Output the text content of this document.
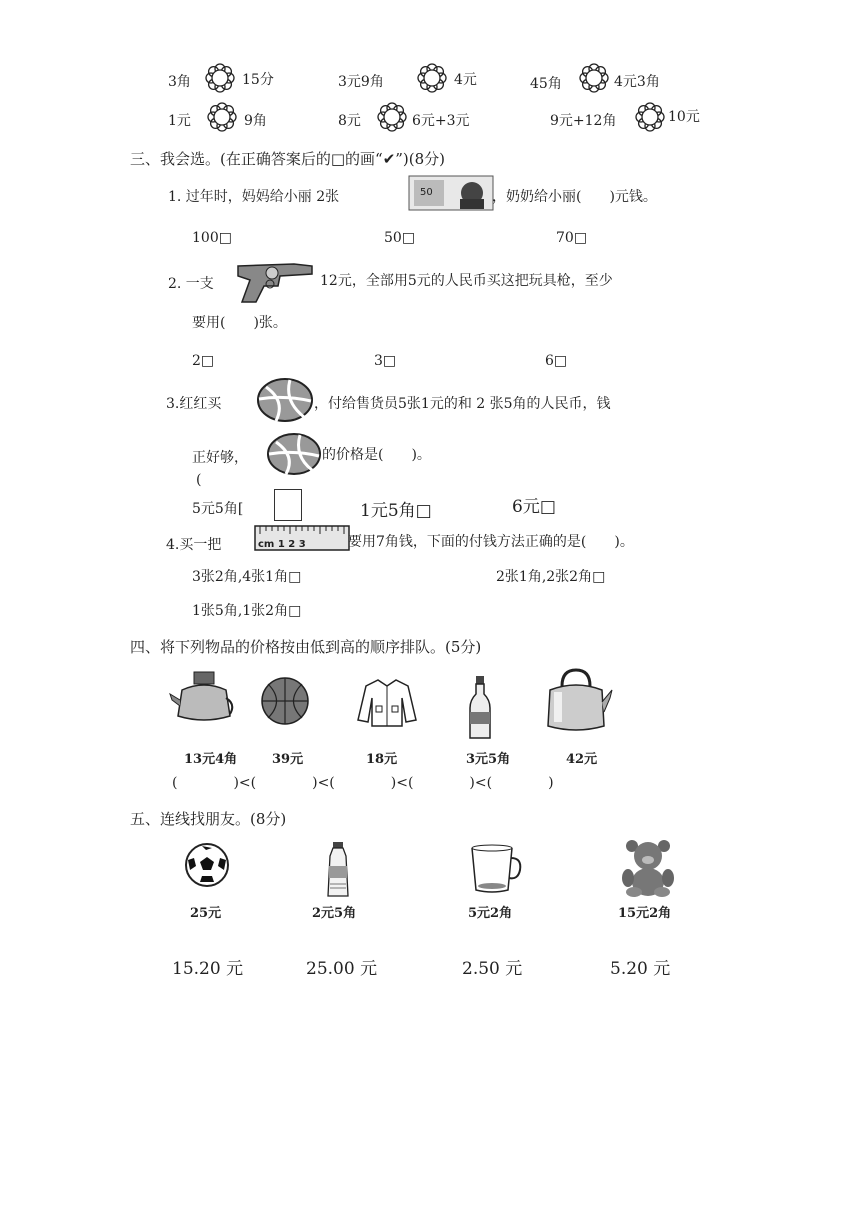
3角	15分	3元9角	4元	45角	4元3角
1元	9角	8元	6元+3元	9元+12角	10元
三、我会选。(在正确答案后的□的画“✔”)(8分)
1. 过年时，妈妈给小丽 2张	50	，奶奶给小丽(　　)元钱。
100□	50□	70□
2. 一支	12元，全部用5元的人民币买这把玩具枪，至少
要用(　　)张。
2□	3□	6□
3.红红买	，付给售货员5张1元的和 2 张5角的人民币，钱
正好够，	的价格是(　　)。
(
5元5角[	1元5角□	6元□
4.买一把	cm 1 2 3	要用7角钱，下面的付钱方法正确的是(　　)。
3张2角,4张1角□	2张1角,2张2角□
1张5角,1张2角□
四、将下列物品的价格按由低到高的顺序排队。(5分)
13元4角	39元	18元	3元5角	42元
(　　　　)<(　　　　)<(　　　　)<(　　　　)<(　　　　)
五、连线找朋友。(8分)
25元	2元5角	5元2角	15元2角
15.20 元	25.00 元	2.50 元	5.20 元
